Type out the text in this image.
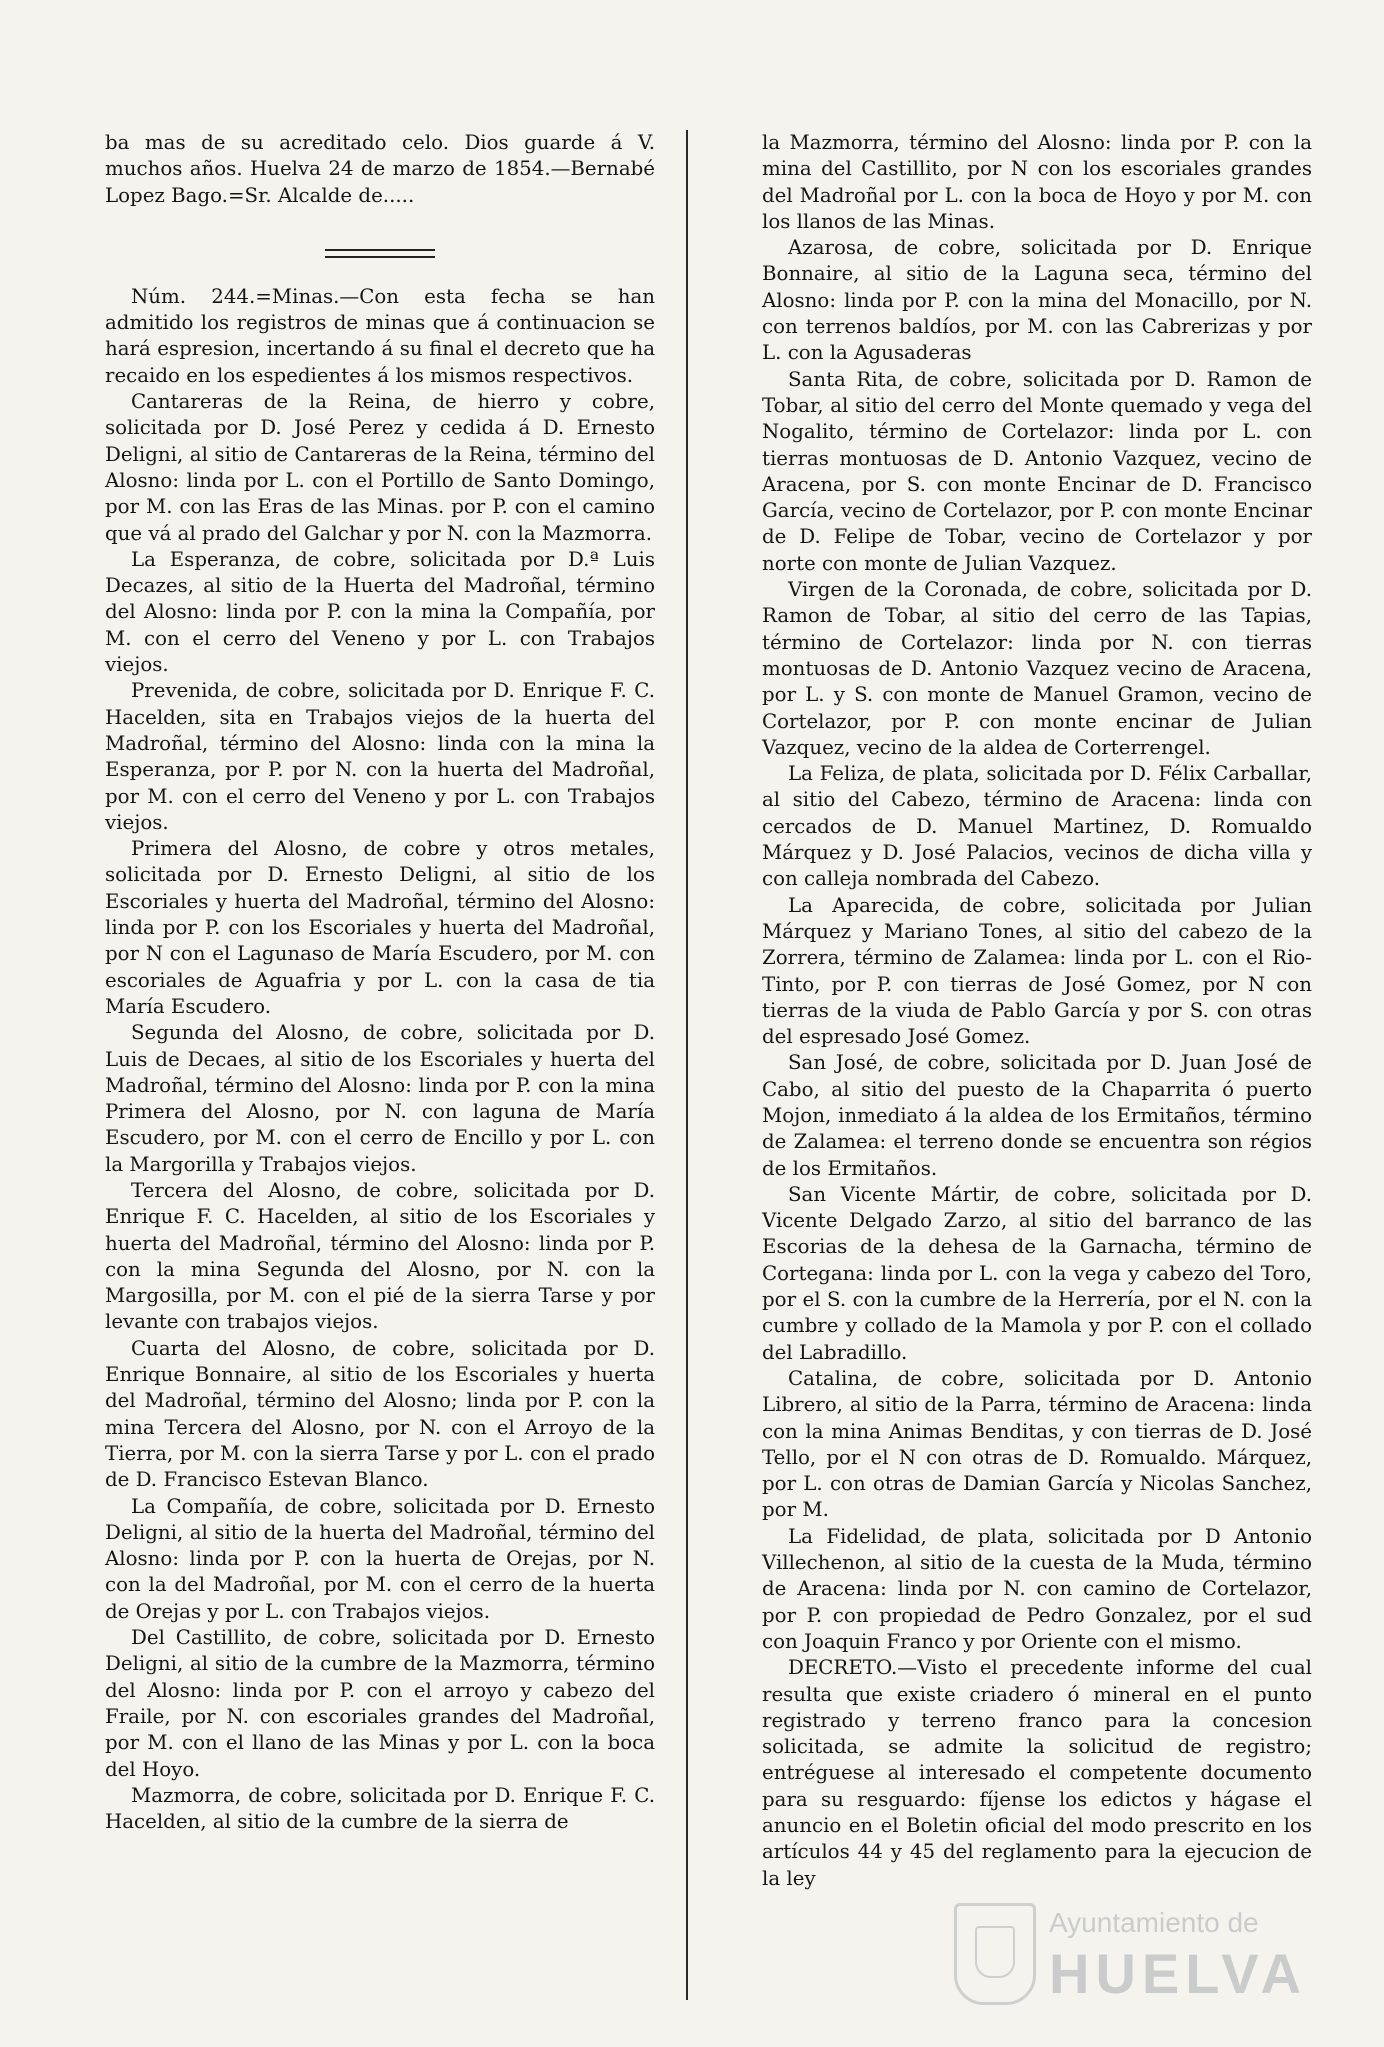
ba mas de su acreditado celo. Dios guarde á V. muchos años. Huelva 24 de marzo de 1854.—Bernabé Lopez Bago.=Sr. Alcalde de.....

Núm. 244.=Minas.—Con esta fecha se han admitido los registros de minas que á continuacion se hará espresion, incertando á su final el decreto que ha recaido en los espedientes á los mismos respectivos.

Cantareras de la Reina, de hierro y cobre, solicitada por D. José Perez y cedida á D. Ernesto Deligni, al sitio de Cantareras de la Reina, término del Alosno: linda por L. con el Portillo de Santo Domingo, por M. con las Eras de las Minas. por P. con el camino que vá al prado del Galchar y por N. con la Mazmorra.

La Esperanza, de cobre, solicitada por D.ª Luis Decazes, al sitio de la Huerta del Madroñal, término del Alosno: linda por P. con la mina la Compañía, por M. con el cerro del Veneno y por L. con Trabajos viejos.

Prevenida, de cobre, solicitada por D. Enrique F. C. Hacelden, sita en Trabajos viejos de la huerta del Madroñal, término del Alosno: linda con la mina la Esperanza, por P. por N. con la huerta del Madroñal, por M. con el cerro del Veneno y por L. con Trabajos viejos.

Primera del Alosno, de cobre y otros metales, solicitada por D. Ernesto Deligni, al sitio de los Escoriales y huerta del Madroñal, término del Alosno: linda por P. con los Escoriales y huerta del Madroñal, por N con el Lagunaso de María Escudero, por M. con escoriales de Aguafria y por L. con la casa de tia María Escudero.

Segunda del Alosno, de cobre, solicitada por D. Luis de Decaes, al sitio de los Escoriales y huerta del Madroñal, término del Alosno: linda por P. con la mina Primera del Alosno, por N. con laguna de María Escudero, por M. con el cerro de Encillo y por L. con la Margorilla y Trabajos viejos.

Tercera del Alosno, de cobre, solicitada por D. Enrique F. C. Hacelden, al sitio de los Escoriales y huerta del Madroñal, término del Alosno: linda por P. con la mina Segunda del Alosno, por N. con la Margosilla, por M. con el pié de la sierra Tarse y por levante con trabajos viejos.

Cuarta del Alosno, de cobre, solicitada por D. Enrique Bonnaire, al sitio de los Escoriales y huerta del Madroñal, término del Alosno; linda por P. con la mina Tercera del Alosno, por N. con el Arroyo de la Tierra, por M. con la sierra Tarse y por L. con el prado de D. Francisco Estevan Blanco.

La Compañía, de cobre, solicitada por D. Ernesto Deligni, al sitio de la huerta del Madroñal, término del Alosno: linda por P. con la huerta de Orejas, por N. con la del Madroñal, por M. con el cerro de la huerta de Orejas y por L. con Trabajos viejos.

Del Castillito, de cobre, solicitada por D. Ernesto Deligni, al sitio de la cumbre de la Mazmorra, término del Alosno: linda por P. con el arroyo y cabezo del Fraile, por N. con escoriales grandes del Madroñal, por M. con el llano de las Minas y por L. con la boca del Hoyo.

Mazmorra, de cobre, solicitada por D. Enrique F. C. Hacelden, al sitio de la cumbre de la sierra de

la Mazmorra, término del Alosno: linda por P. con la mina del Castillito, por N con los escoriales grandes del Madroñal por L. con la boca de Hoyo y por M. con los llanos de las Minas.

Azarosa, de cobre, solicitada por D. Enrique Bonnaire, al sitio de la Laguna seca, término del Alosno: linda por P. con la mina del Monacillo, por N. con terrenos baldíos, por M. con las Cabrerizas y por L. con la Agusaderas

Santa Rita, de cobre, solicitada por D. Ramon de Tobar, al sitio del cerro del Monte quemado y vega del Nogalito, término de Cortelazor: linda por L. con tierras montuosas de D. Antonio Vazquez, vecino de Aracena, por S. con monte Encinar de D. Francisco García, vecino de Cortelazor, por P. con monte Encinar de D. Felipe de Tobar, vecino de Cortelazor y por norte con monte de Julian Vazquez.

Virgen de la Coronada, de cobre, solicitada por D. Ramon de Tobar, al sitio del cerro de las Tapias, término de Cortelazor: linda por N. con tierras montuosas de D. Antonio Vazquez vecino de Aracena, por L. y S. con monte de Manuel Gramon, vecino de Cortelazor, por P. con monte encinar de Julian Vazquez, vecino de la aldea de Corterrengel.

La Feliza, de plata, solicitada por D. Félix Carballar, al sitio del Cabezo, término de Aracena: linda con cercados de D. Manuel Martinez, D. Romualdo Márquez y D. José Palacios, vecinos de dicha villa y con calleja nombrada del Cabezo.

La Aparecida, de cobre, solicitada por Julian Márquez y Mariano Tones, al sitio del cabezo de la Zorrera, término de Zalamea: linda por L. con el Rio-Tinto, por P. con tierras de José Gomez, por N con tierras de la viuda de Pablo García y por S. con otras del espresado José Gomez.

San José, de cobre, solicitada por D. Juan José de Cabo, al sitio del puesto de la Chaparrita ó puerto Mojon, inmediato á la aldea de los Ermitaños, término de Zalamea: el terreno donde se encuentra son régios de los Ermitaños.

San Vicente Mártir, de cobre, solicitada por D. Vicente Delgado Zarzo, al sitio del barranco de las Escorias de la dehesa de la Garnacha, término de Cortegana: linda por L. con la vega y cabezo del Toro, por el S. con la cumbre de la Herrería, por el N. con la cumbre y collado de la Mamola y por P. con el collado del Labradillo.

Catalina, de cobre, solicitada por D. Antonio Librero, al sitio de la Parra, término de Aracena: linda con la mina Animas Benditas, y con tierras de D. José Tello, por el N con otras de D. Romualdo. Márquez, por L. con otras de Damian García y Nicolas Sanchez, por M.

La Fidelidad, de plata, solicitada por D Antonio Villechenon, al sitio de la cuesta de la Muda, término de Aracena: linda por N. con camino de Cortelazor, por P. con propiedad de Pedro Gonzalez, por el sud con Joaquin Franco y por Oriente con el mismo.

DECRETO.—Visto el precedente informe del cual resulta que existe criadero ó mineral en el punto registrado y terreno franco para la concesion solicitada, se admite la solicitud de registro; entréguese al interesado el competente documento para su resguardo: fíjense los edictos y hágase el anuncio en el Boletin oficial del modo prescrito en los artículos 44 y 45 del reglamento para la ejecucion de la ley

Ayuntamiento de
HUELVA
